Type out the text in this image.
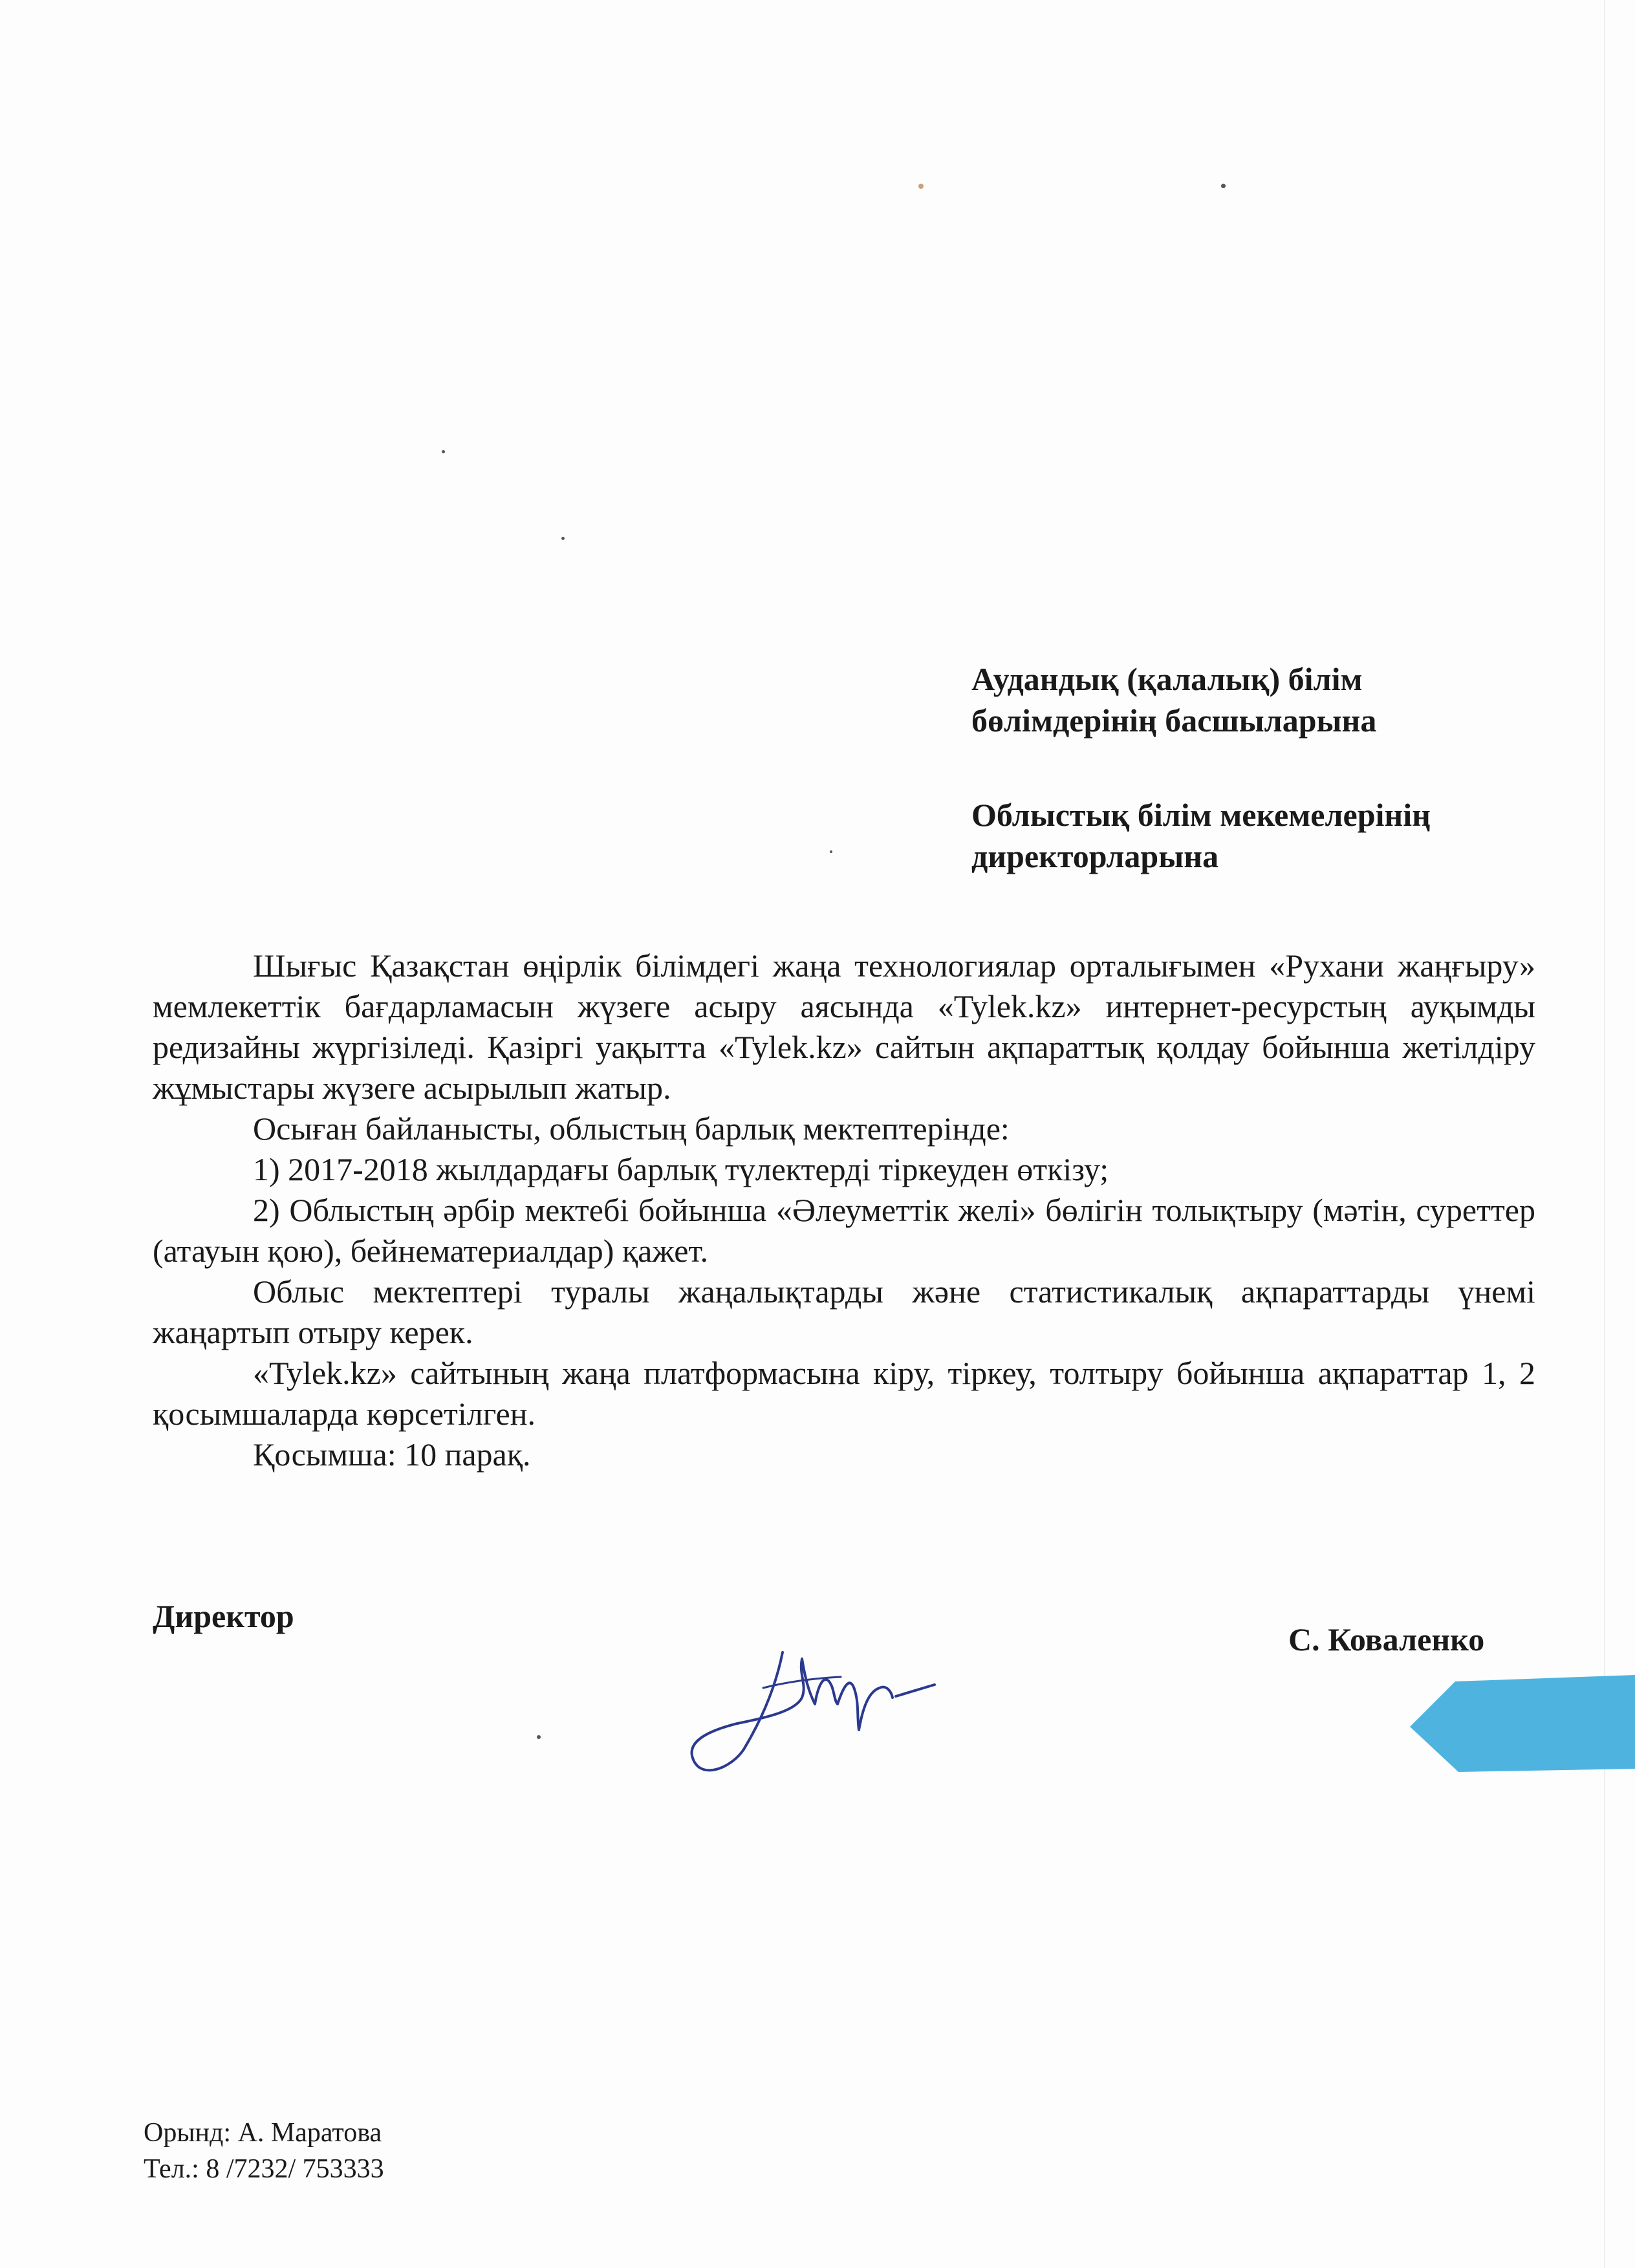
Аудандық (қалалық) білім
бөлімдерінің басшыларына
Облыстық білім мекемелерінің
директорларына

Шығыс Қазақстан өңірлік білімдегі жаңа технологиялар орталығымен «Рухани жаңғыру» мемлекеттік бағдарламасын жүзеге асыру аясында «Tylek.kz» интернет-ресурстың ауқымды редизайны жүргізіледі. Қазіргі уақытта «Tylek.kz» сайтын ақпараттық қолдау бойынша жетілдіру жұмыстары жүзеге асырылып жатыр.

Осыған байланысты, облыстың барлық мектептерінде:

1) 2017-2018 жылдардағы барлық түлектерді тіркеуден өткізу;

2) Облыстың әрбір мектебі бойынша «Әлеуметтік желі» бөлігін толықтыру (мәтін, суреттер (атауын қою), бейнематериалдар) қажет.

Облыс мектептері туралы жаңалықтарды және статистикалық ақпараттарды үнемі жаңартып отыру керек.

«Tylek.kz» сайтының жаңа платформасына кіру, тіркеу, толтыру бойынша ақпараттар 1, 2 қосымшаларда көрсетілген.

Қосымша: 10 парақ.

Директор
С. Коваленко
Орынд: А. Маратова
Тел.: 8 /7232/ 753333
